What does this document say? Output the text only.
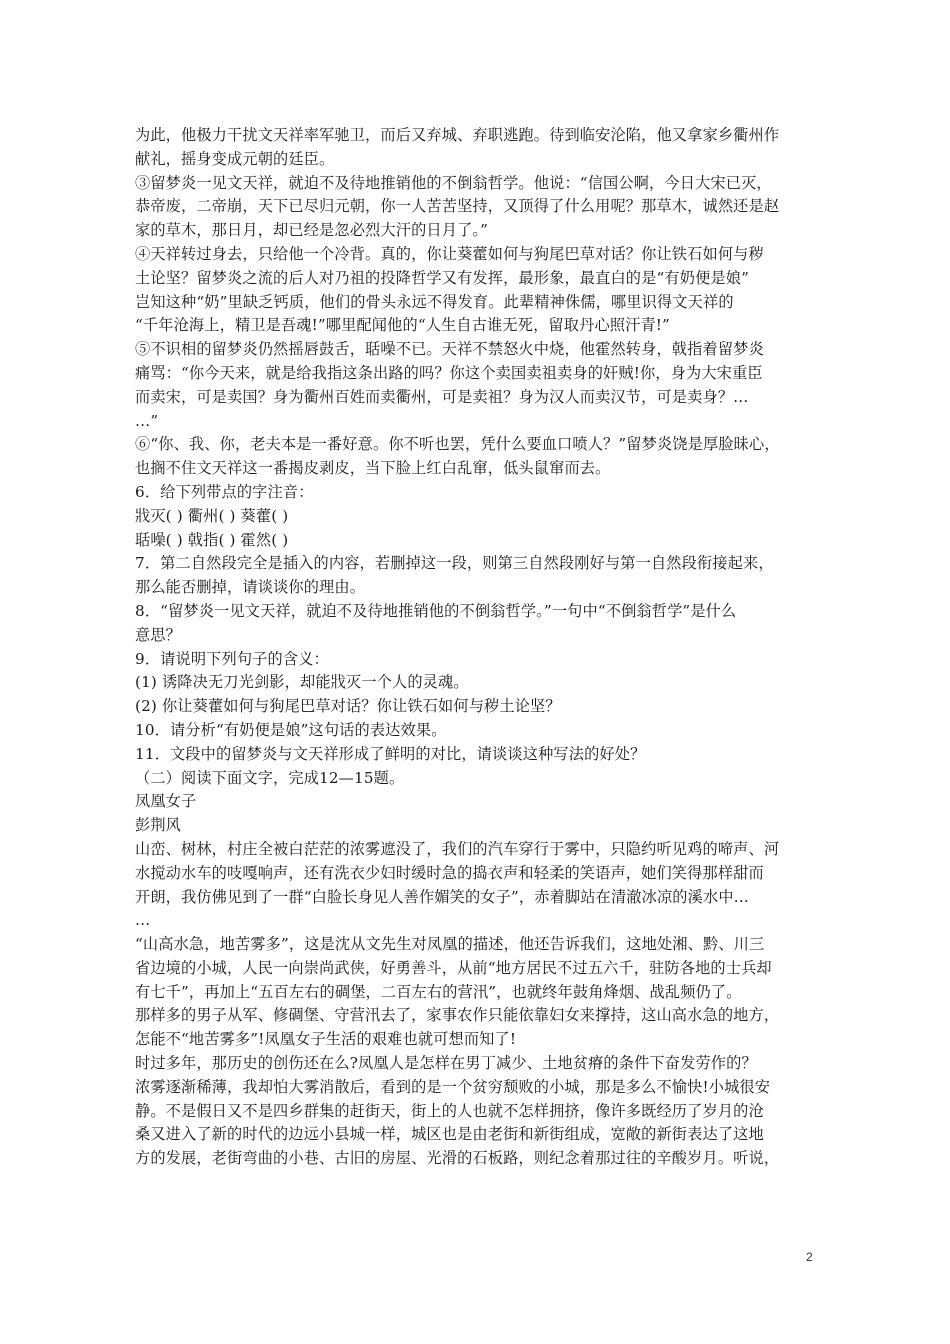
为此，他极力干扰文天祥率军驰卫，而后又弃城、弃职逃跑。待到临安沦陷，他又拿家乡衢州作
献礼，摇身变成元朝的廷臣。
③留梦炎一见文天祥，就迫不及待地推销他的不倒翁哲学。他说：“信国公啊，今日大宋已灭，
恭帝废，二帝崩，天下已尽归元朝，你一人苦苦坚持，又顶得了什么用呢？那草木，诚然还是赵
家的草木，那日月，却已经是忽必烈大汗的日月了。”
④天祥转过身去，只给他一个冷背。真的，你让葵藿如何与狗尾巴草对话？你让铁石如何与秽
土论坚？留梦炎之流的后人对乃祖的投降哲学又有发挥，最形象，最直白的是“有奶便是娘”
岂知这种“奶”里缺乏钙质，他们的骨头永远不得发育。此辈精神侏儒，哪里识得文天祥的
“千年沧海上，精卫是吾魂!”哪里配闻他的“人生自古谁无死，留取丹心照汗青!”
⑤不识相的留梦炎仍然摇唇鼓舌，聒噪不已。天祥不禁怒火中烧，他霍然转身，戟指着留梦炎
痛骂：“你今天来，就是给我指这条出路的吗？你这个卖国卖祖卖身的奸贼!你，身为大宋重臣
而卖宋，可是卖国？身为衢州百姓而卖衢州，可是卖祖？身为汉人而卖汉节，可是卖身？…
…”
⑥“你、我、你，老夫本是一番好意。你不听也罢，凭什么要血口喷人？”留梦炎饶是厚脸昧心，
也搁不住文天祥这一番揭皮剥皮，当下脸上红白乱窜，低头鼠窜而去。
6．给下列带点的字注音：
戕灭( ) 衢州( ) 葵藿( )
聒噪( ) 戟指( ) 霍然( )
7．第二自然段完全是插入的内容，若删掉这一段，则第三自然段刚好与第一自然段衔接起来，
那么能否删掉，请谈谈你的理由。
8．“留梦炎一见文天祥，就迫不及待地推销他的不倒翁哲学。”一句中“不倒翁哲学”是什么
意思？
9．请说明下列句子的含义：
(1) 诱降决无刀光剑影，却能戕灭一个人的灵魂。
(2) 你让葵藿如何与狗尾巴草对话？你让铁石如何与秽土论坚？
10．请分析“有奶便是娘”这句话的表达效果。
11．文段中的留梦炎与文天祥形成了鲜明的对比，请谈谈这种写法的好处？
（二）阅读下面文字，完成12—15题。
凤凰女子
彭荆风
山峦、树林，村庄全被白茫茫的浓雾遮没了，我们的汽车穿行于雾中，只隐约听见鸡的啼声、河
水搅动水车的吱嘎响声，还有洗衣少妇时缓时急的捣衣声和轻柔的笑语声，她们笑得那样甜而
开朗，我仿佛见到了一群“白脸长身见人善作媚笑的女子”，赤着脚站在清澈冰凉的溪水中…
…
“山高水急，地苦雾多”，这是沈从文先生对凤凰的描述，他还告诉我们，这地处湘、黔、川三
省边境的小城，人民一向崇尚武侠，好勇善斗，从前“地方居民不过五六千，驻防各地的士兵却
有七千”，再加上“五百左右的碉堡，二百左右的营汛”，也就终年鼓角烽烟、战乱频仍了。
那样多的男子从军、修碉堡、守营汛去了，家事农作只能依靠妇女来撑持，这山高水急的地方，
怎能不“地苦雾多”!凤凰女子生活的艰难也就可想而知了!
时过多年，那历史的创伤还在么?凤凰人是怎样在男丁减少、土地贫瘠的条件下奋发劳作的？
浓雾逐渐稀薄，我却怕大雾消散后，看到的是一个贫穷颓败的小城，那是多么不愉快!小城很安
静。不是假日又不是四乡群集的赶街天，街上的人也就不怎样拥挤，像许多既经历了岁月的沧
桑又进入了新的时代的边远小县城一样，城区也是由老街和新街组成，宽敞的新街表达了这地
方的发展，老街弯曲的小巷、古旧的房屋、光滑的石板路，则纪念着那过往的辛酸岁月。听说，
2
